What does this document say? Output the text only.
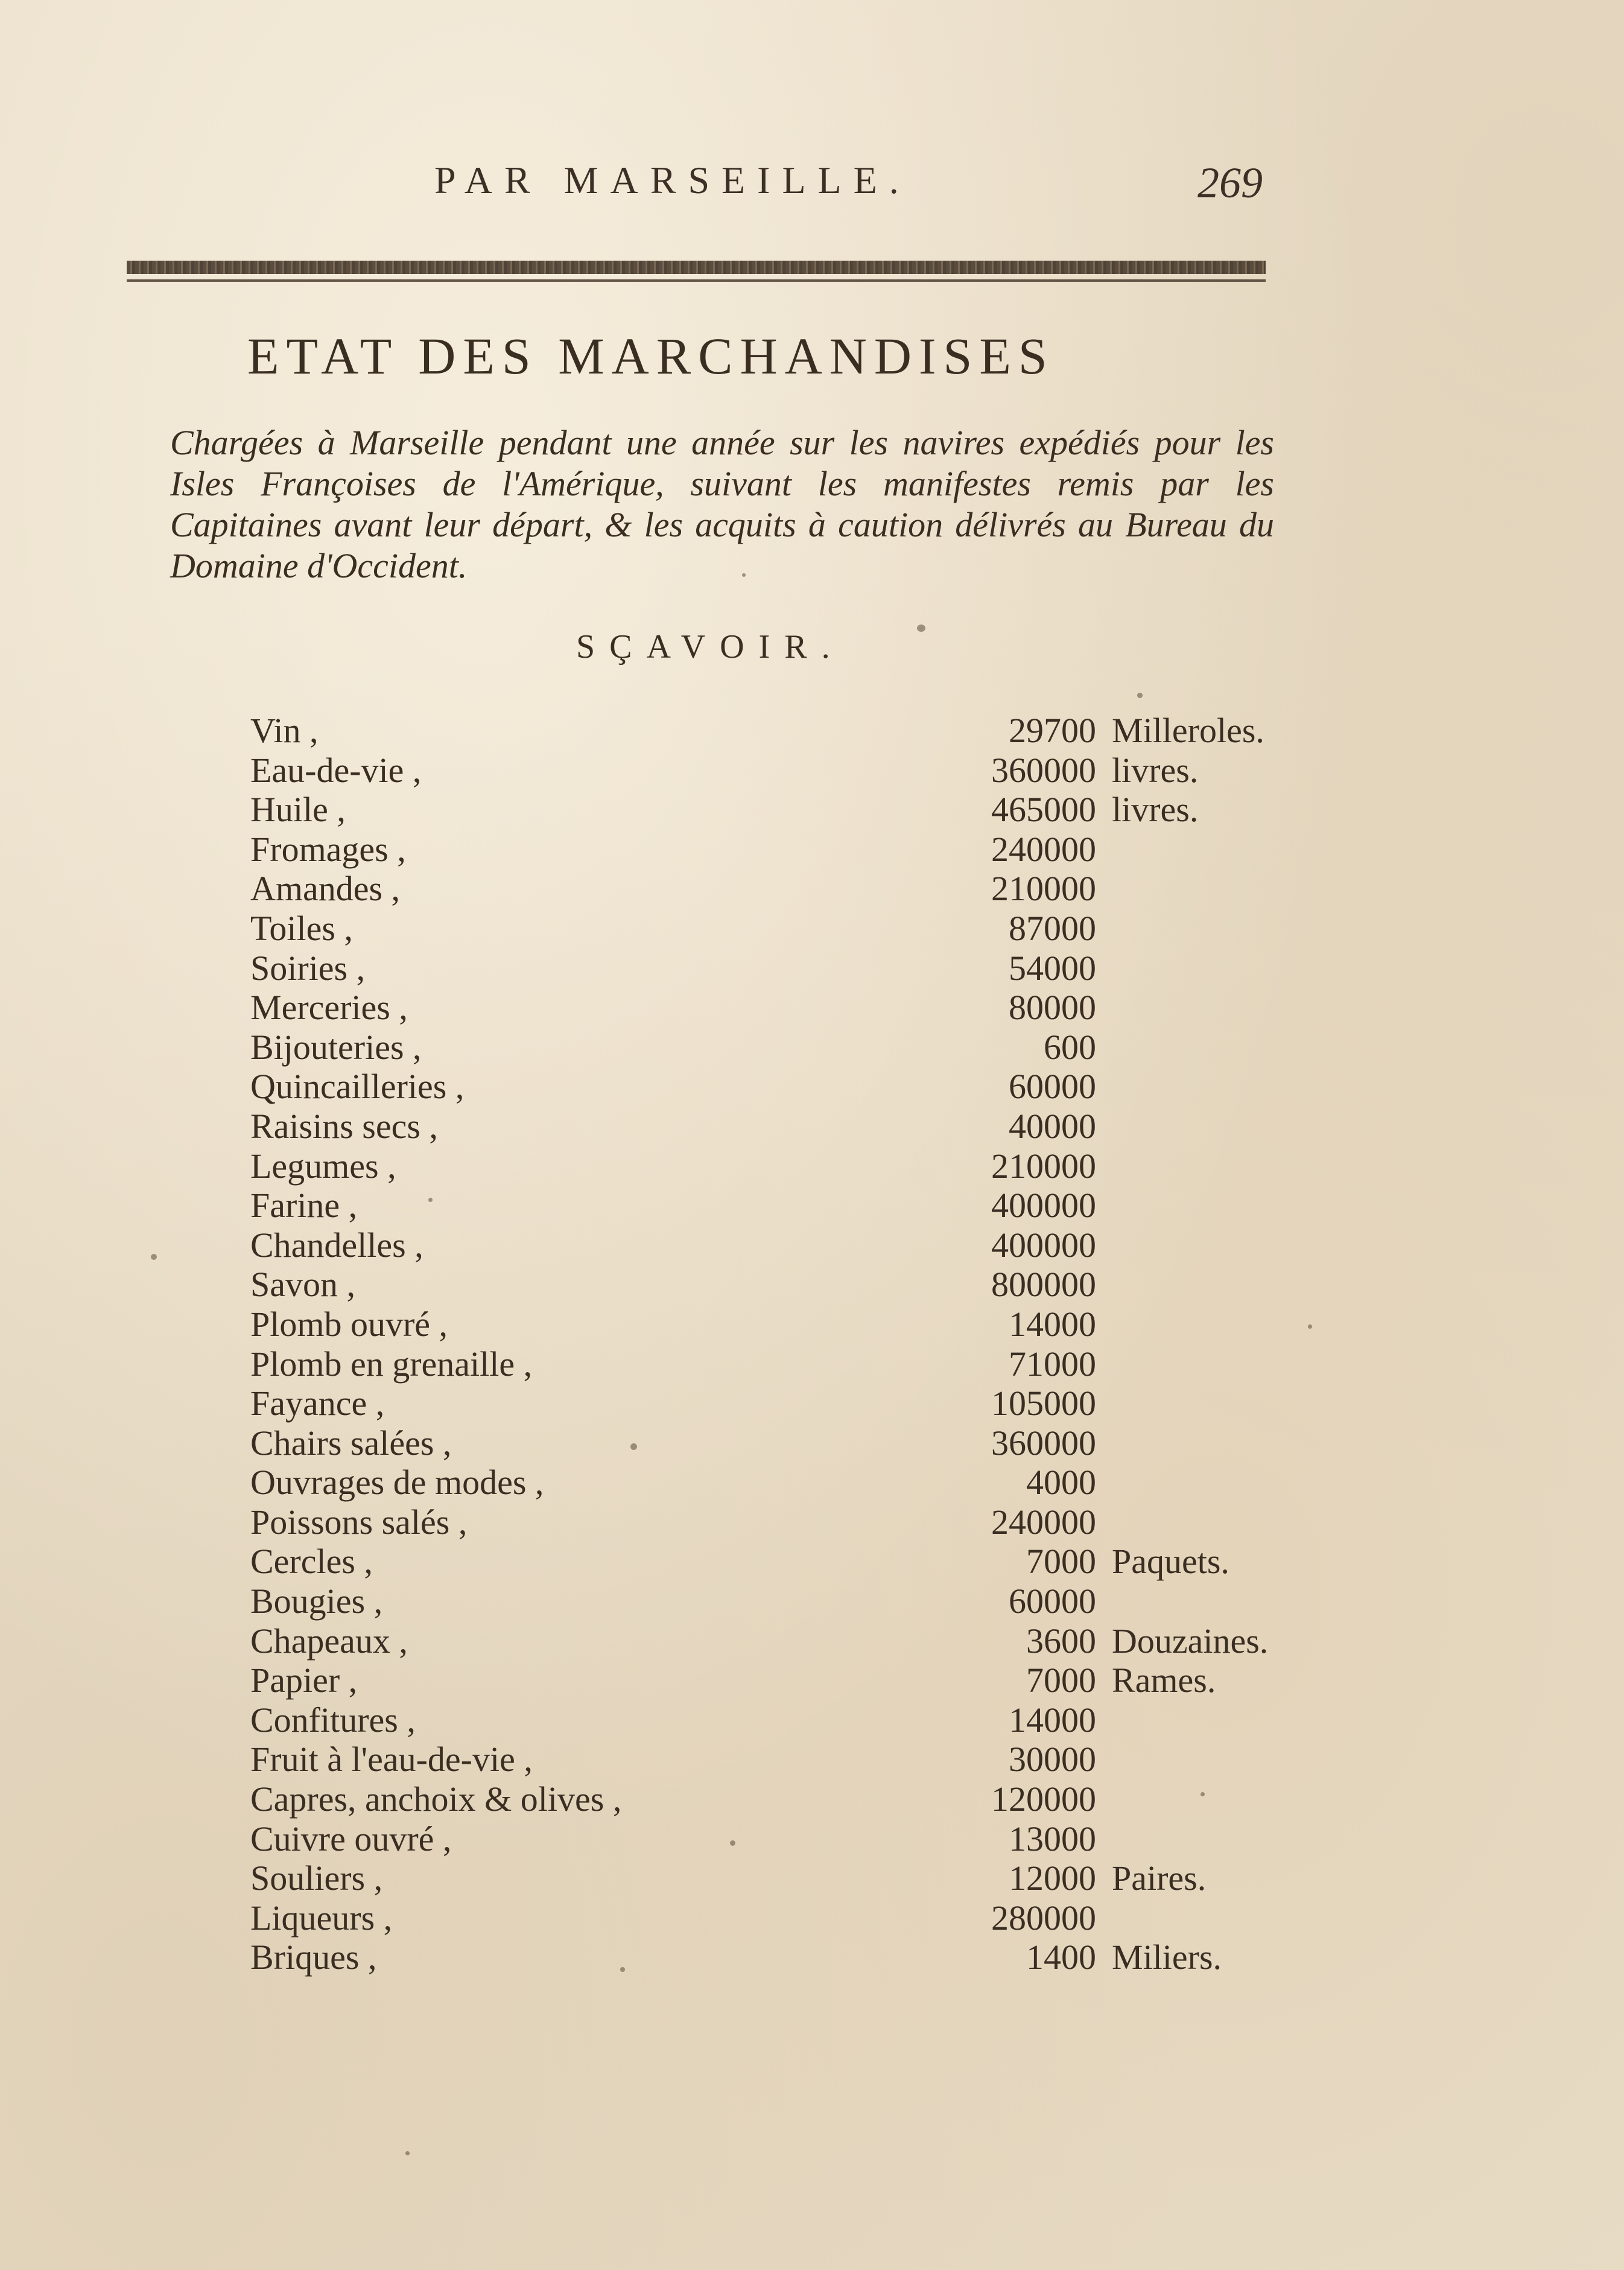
PAR MARSEILLE.	269
ETAT DES MARCHANDISES
Chargées à Marseille pendant une année sur les navires expédiés pour les Isles Françoises de l'Amérique, suivant les manifestes remis par les Capitaines avant leur départ, & les acquits à caution délivrés au Bureau du Domaine d'Occident.
SÇAVOIR.
Vin ,	29700 Milleroles.
Eau-de-vie ,	360000 livres.
Huile ,	465000 livres.
Fromages ,	240000
Amandes ,	210000
Toiles ,	87000
Soiries ,	54000
Merceries ,	80000
Bijouteries ,	600
Quincailleries ,	60000
Raisins secs ,	40000
Legumes ,	210000
Farine ,	400000
Chandelles ,	400000
Savon ,	800000
Plomb ouvré ,	14000
Plomb en grenaille ,	71000
Fayance ,	105000
Chairs salées ,	360000
Ouvrages de modes ,	4000
Poissons salés ,	240000
Cercles ,	7000 Paquets.
Bougies ,	60000
Chapeaux ,	3600 Douzaines.
Papier ,	7000 Rames.
Confitures ,	14000
Fruit à l'eau-de-vie ,	30000
Capres, anchoix & olives ,	120000
Cuivre ouvré ,	13000
Souliers ,	12000 Paires.
Liqueurs ,	280000
Briques ,	1400 Miliers.
